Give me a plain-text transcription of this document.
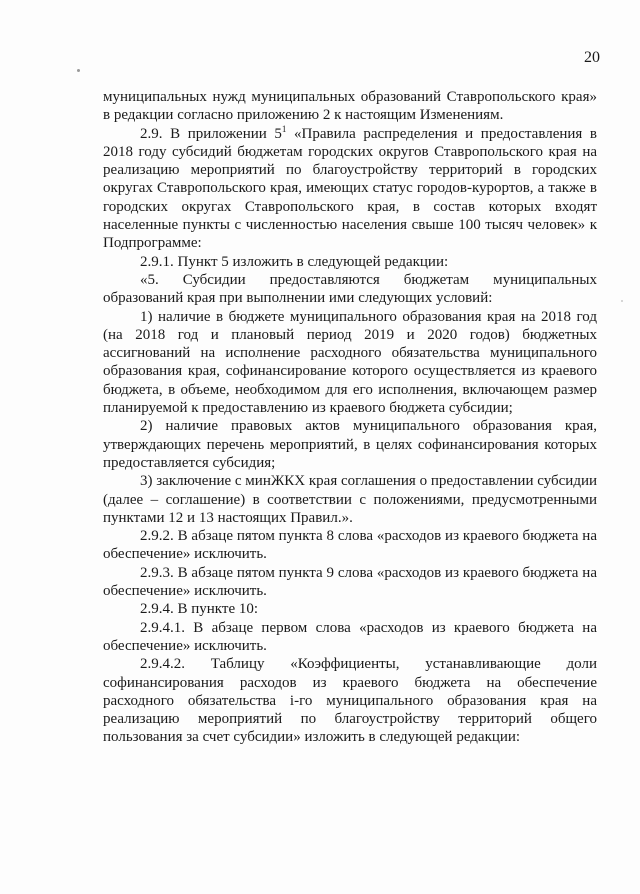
20

муниципальных нужд муниципальных образований Ставропольского края» в редакции согласно приложению 2 к настоящим Изменениям.

2.9. В приложении $5^1$ «Правила распределения и предоставления в 2018 году субсидий бюджетам городских округов Ставропольского края на реализацию мероприятий по благоустройству территорий в городских округах Ставропольского края, имеющих статус городов-курортов, а также в городских округах Ставропольского края, в состав которых входят населенные пункты с численностью населения свыше 100 тысяч человек» к Подпрограмме:

2.9.1. Пункт 5 изложить в следующей редакции:

«5. Субсидии предоставляются бюджетам муниципальных образований края при выполнении ими следующих условий:

1) наличие в бюджете муниципального образования края на 2018 год (на 2018 год и плановый период 2019 и 2020 годов) бюджетных ассигнований на исполнение расходного обязательства муниципального образования края, софинансирование которого осуществляется из краевого бюджета, в объеме, необходимом для его исполнения, включающем размер планируемой к предоставлению из краевого бюджета субсидии;

2) наличие правовых актов муниципального образования края, утверждающих перечень мероприятий, в целях софинансирования которых предоставляется субсидия;

3) заключение с минЖКХ края соглашения о предоставлении субсидии (далее – соглашение) в соответствии с положениями, предусмотренными пунктами 12 и 13 настоящих Правил.».

2.9.2. В абзаце пятом пункта 8 слова «расходов из краевого бюджета на обеспечение» исключить.

2.9.3. В абзаце пятом пункта 9 слова «расходов из краевого бюджета на обеспечение» исключить.

2.9.4. В пункте 10:

2.9.4.1. В абзаце первом слова «расходов из краевого бюджета на обеспечение» исключить.

2.9.4.2. Таблицу «Коэффициенты, устанавливающие доли софинансирования расходов из краевого бюджета на обеспечение расходного обязательства i-го муниципального образования края на реализацию мероприятий по благоустройству территорий общего пользования за счет субсидии» изложить в следующей редакции:
